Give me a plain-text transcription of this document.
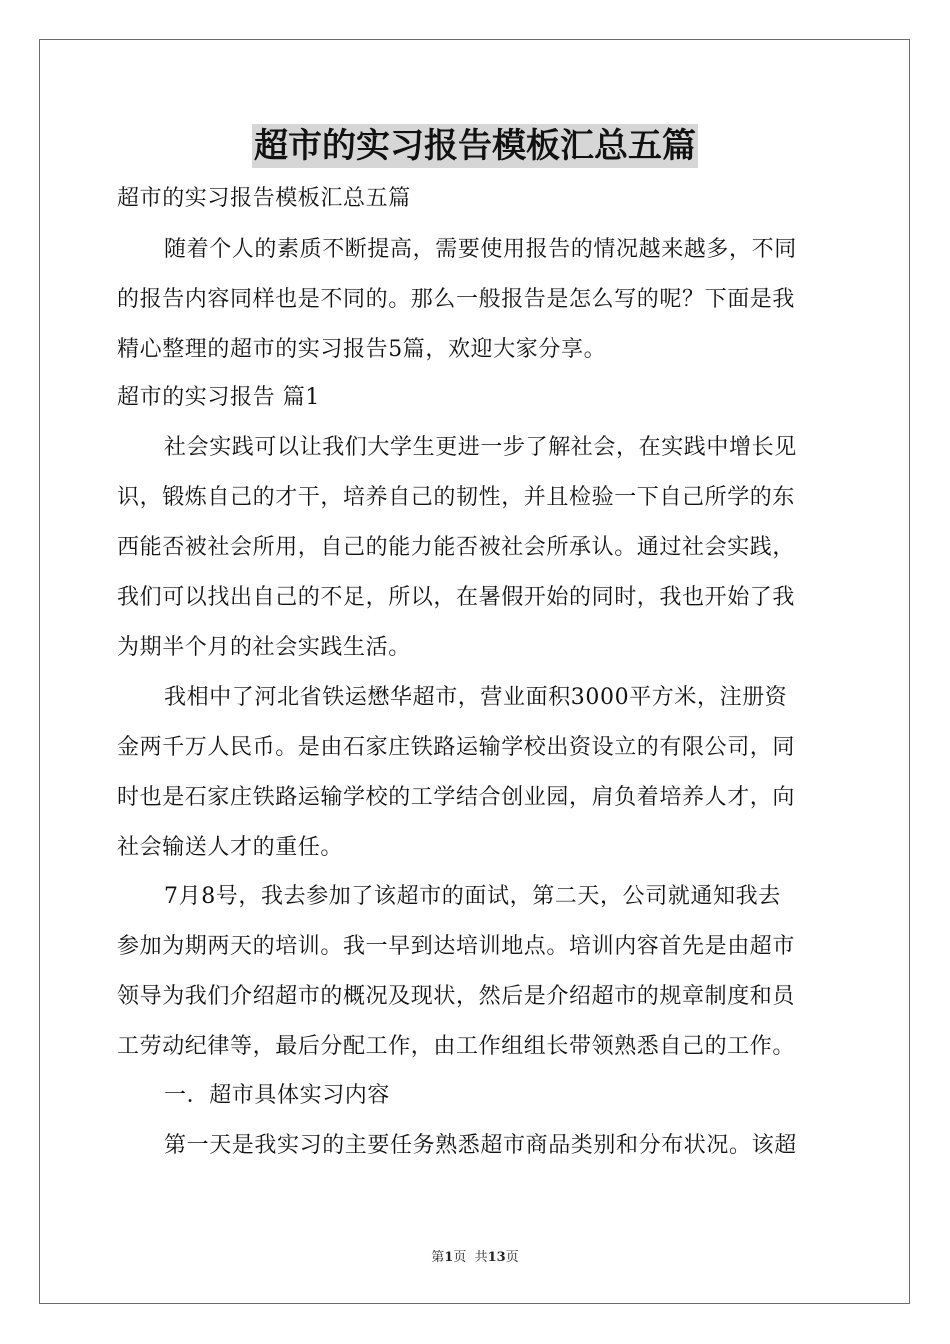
超市的实习报告模板汇总五篇
超市的实习报告模板汇总五篇
随着个人的素质不断提高，需要使用报告的情况越来越多，不同
的报告内容同样也是不同的。那么一般报告是怎么写的呢？下面是我
精心整理的超市的实习报告5篇，欢迎大家分享。
超市的实习报告 篇1
社会实践可以让我们大学生更进一步了解社会，在实践中增长见
识，锻炼自己的才干，培养自己的韧性，并且检验一下自己所学的东
西能否被社会所用，自己的能力能否被社会所承认。通过社会实践，
我们可以找出自己的不足，所以，在暑假开始的同时，我也开始了我
为期半个月的社会实践生活。
我相中了河北省铁运懋华超市，营业面积3000平方米，注册资
金两千万人民币。是由石家庄铁路运输学校出资设立的有限公司，同
时也是石家庄铁路运输学校的工学结合创业园，肩负着培养人才，向
社会输送人才的重任。
7月8号，我去参加了该超市的面试，第二天，公司就通知我去
参加为期两天的培训。我一早到达培训地点。培训内容首先是由超市
领导为我们介绍超市的概况及现状，然后是介绍超市的规章制度和员
工劳动纪律等，最后分配工作，由工作组组长带领熟悉自己的工作。
一．超市具体实习内容
第一天是我实习的主要任务熟悉超市商品类别和分布状况。该超
第1页  共13页
